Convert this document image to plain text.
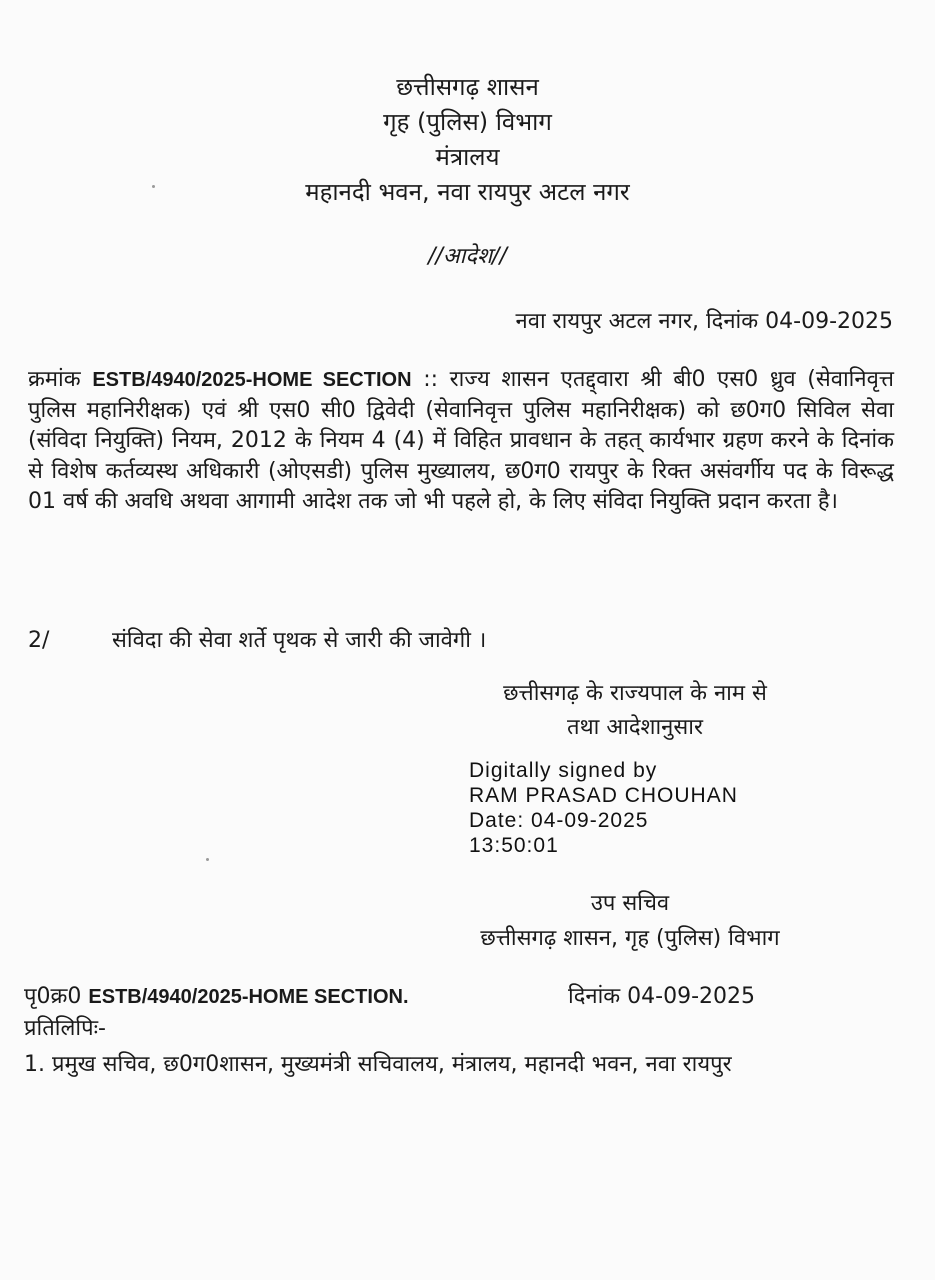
छत्तीसगढ़ शासन
गृह (पुलिस) विभाग
मंत्रालय
महानदी भवन, नवा रायपुर अटल नगर
//आदेश//
नवा रायपुर अटल नगर, दिनांक 04-09-2025
क्रमांक ESTB/4940/2025-HOME SECTION :: राज्य शासन एतद्द्वारा श्री बी0 एस0 ध्रुव (सेवानिवृत्त पुलिस महानिरीक्षक) एवं श्री एस0 सी0 द्विवेदी (सेवानिवृत्त पुलिस महानिरीक्षक) को छ0ग0 सिविल सेवा (संविदा नियुक्ति) नियम, 2012 के नियम 4 (4) में विहित प्रावधान के तहत् कार्यभार ग्रहण करने के दिनांक से विशेष कर्तव्यस्थ अधिकारी (ओएसडी) पुलिस मुख्यालय, छ0ग0 रायपुर के रिक्त असंवर्गीय पद के विरूद्ध 01 वर्ष की अवधि अथवा आगामी आदेश तक जो भी पहले हो, के लिए संविदा नियुक्ति प्रदान करता है।
2/	संविदा की सेवा शर्ते पृथक से जारी की जावेगी ।
छत्तीसगढ़ के राज्यपाल के नाम से
तथा आदेशानुसार
Digitally signed by
RAM PRASAD CHOUHAN
Date: 04-09-2025
13:50:01
उप सचिव
छत्तीसगढ़ शासन, गृह (पुलिस) विभाग
पृ0क्र0 ESTB/4940/2025-HOME SECTION.	दिनांक 04-09-2025
प्रतिलिपिः-
1. प्रमुख सचिव, छ0ग0शासन, मुख्यमंत्री सचिवालय, मंत्रालय, महानदी भवन, नवा रायपुर
